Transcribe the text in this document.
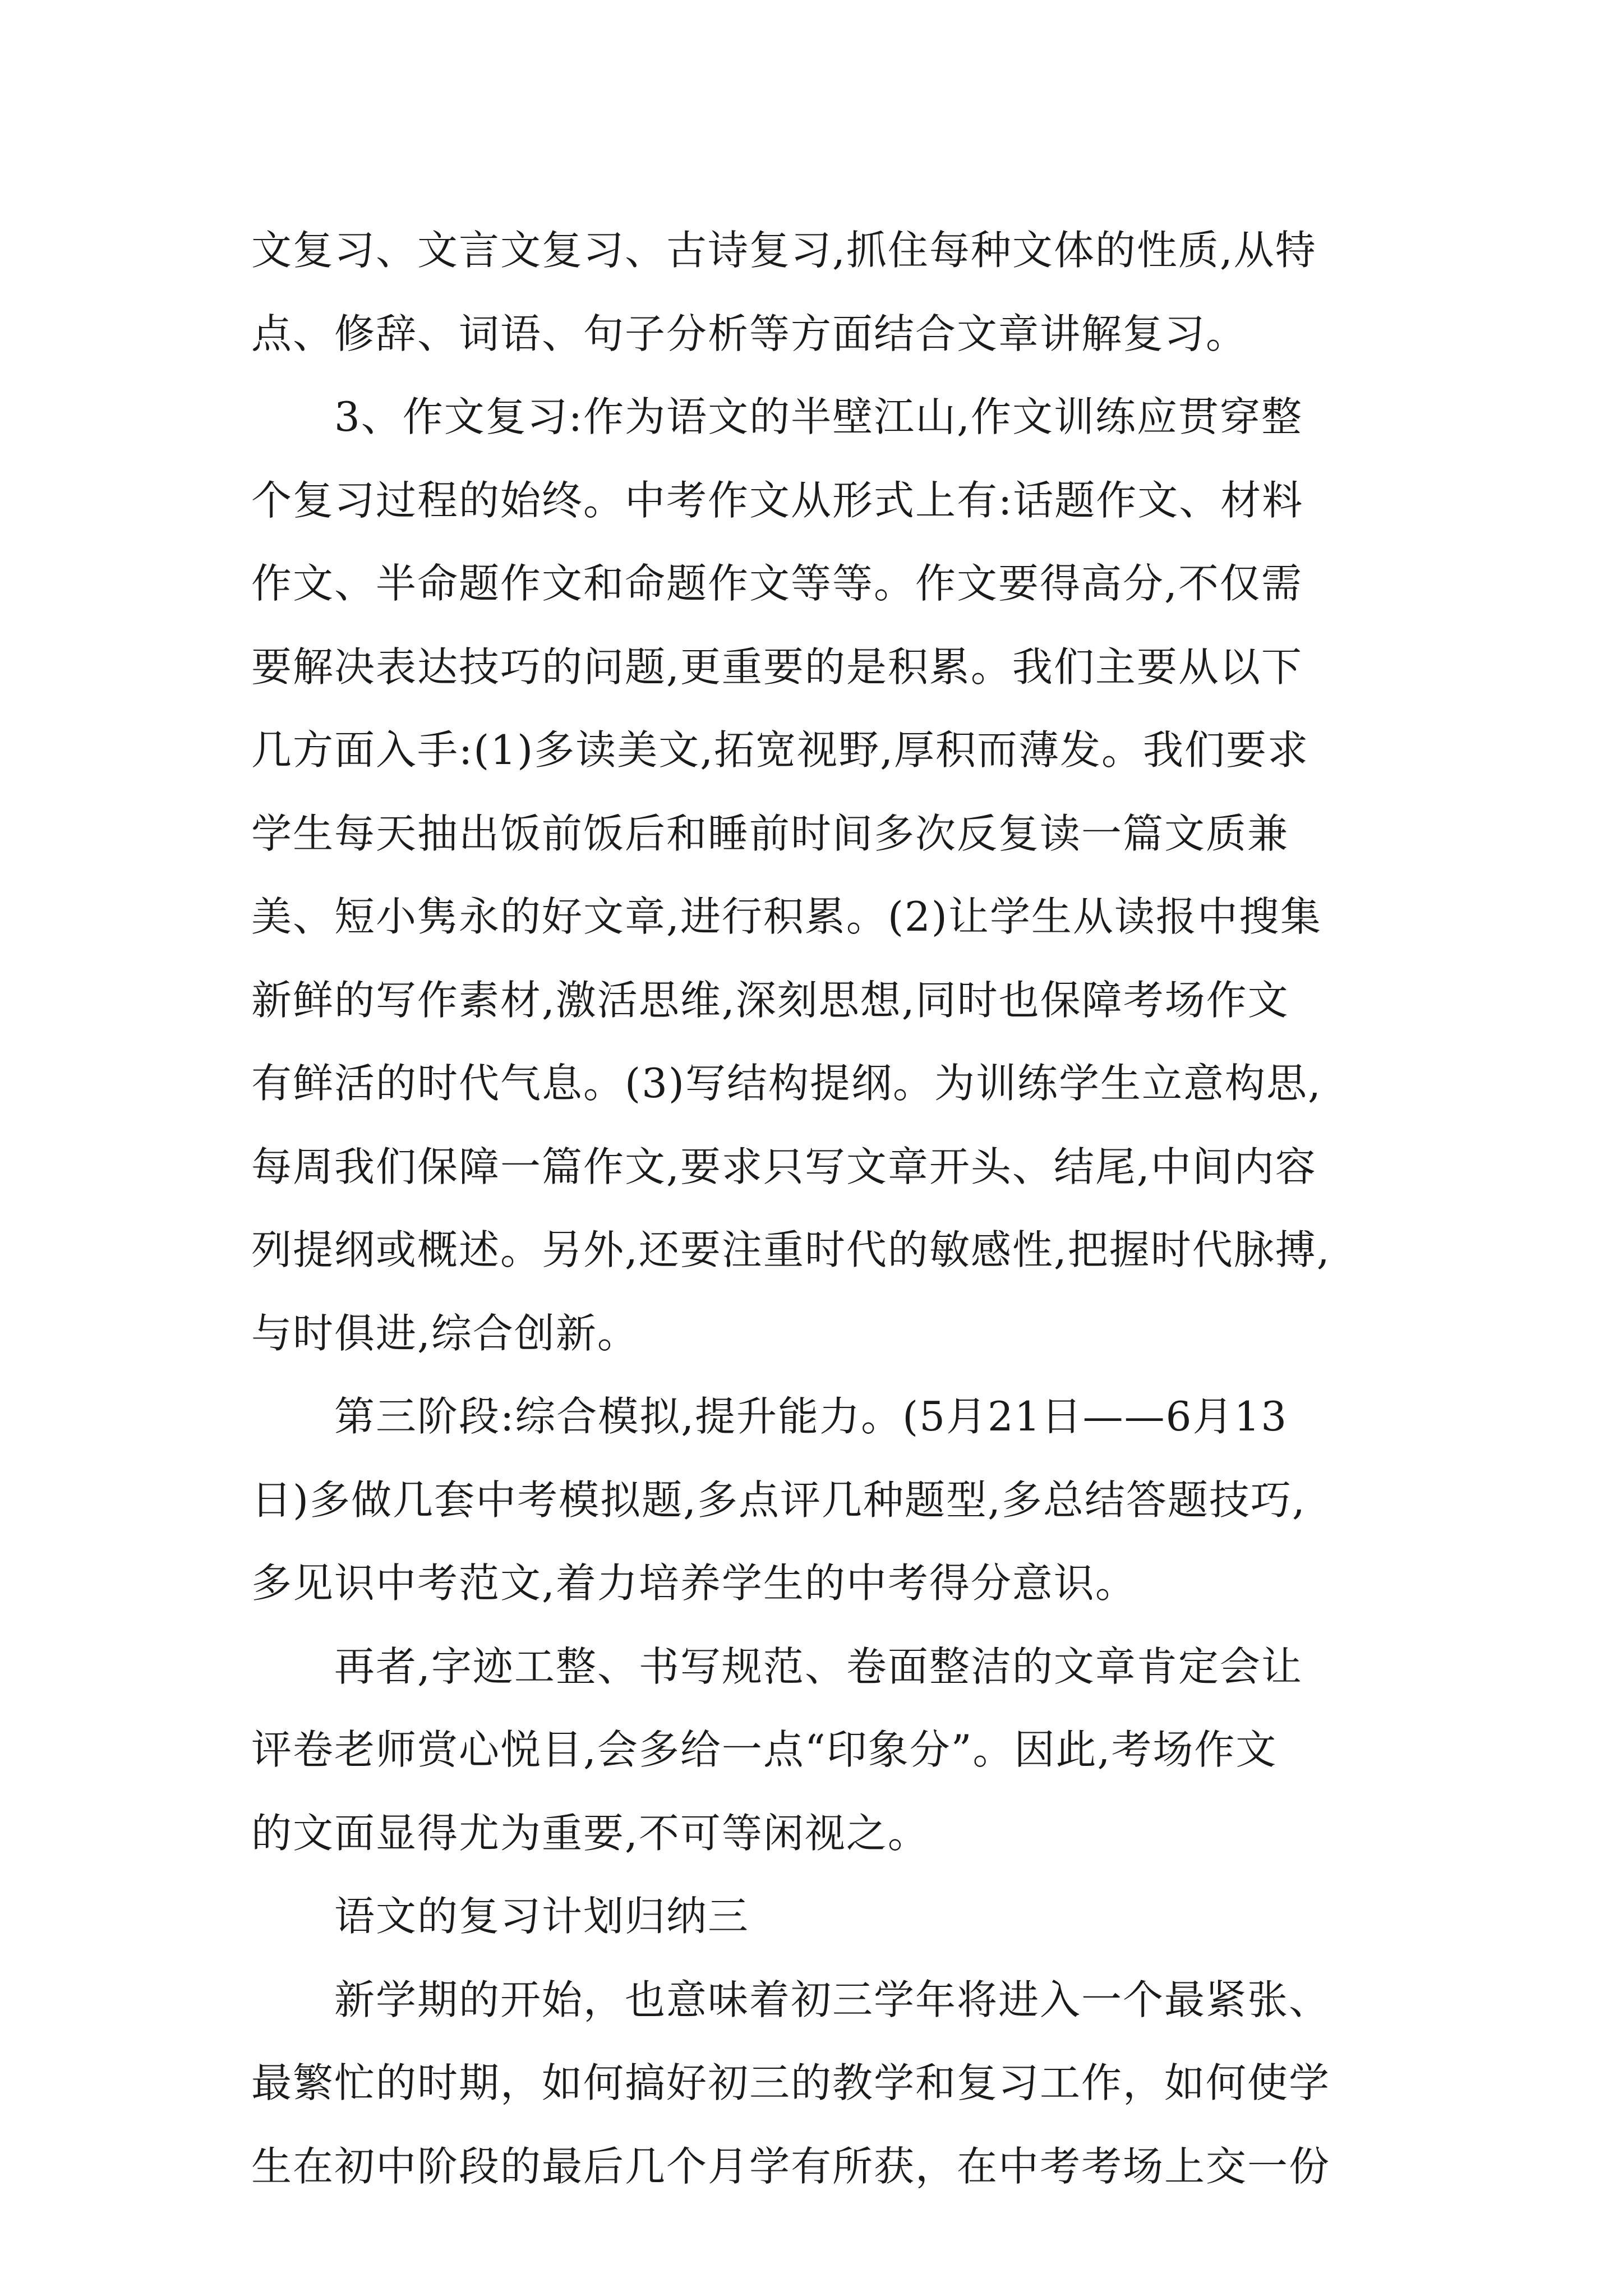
文复习、文言文复习、古诗复习,抓住每种文体的性质,从特
点、修辞、词语、句子分析等方面结合文章讲解复习。
3、作文复习:作为语文的半壁江山,作文训练应贯穿整
个复习过程的始终。中考作文从形式上有:话题作文、材料
作文、半命题作文和命题作文等等。作文要得高分,不仅需
要解决表达技巧的问题,更重要的是积累。我们主要从以下
几方面入手:(1)多读美文,拓宽视野,厚积而薄发。我们要求
学生每天抽出饭前饭后和睡前时间多次反复读一篇文质兼
美、短小隽永的好文章,进行积累。(2)让学生从读报中搜集
新鲜的写作素材,激活思维,深刻思想,同时也保障考场作文
有鲜活的时代气息。(3)写结构提纲。为训练学生立意构思,
每周我们保障一篇作文,要求只写文章开头、结尾,中间内容
列提纲或概述。另外,还要注重时代的敏感性,把握时代脉搏,
与时俱进,综合创新。
第三阶段:综合模拟,提升能力。(5月21日——6月13
日)多做几套中考模拟题,多点评几种题型,多总结答题技巧,
多见识中考范文,着力培养学生的中考得分意识。
再者,字迹工整、书写规范、卷面整洁的文章肯定会让
评卷老师赏心悦目,会多给一点“印象分”。因此,考场作文
的文面显得尤为重要,不可等闲视之。
语文的复习计划归纳三
新学期的开始，也意味着初三学年将进入一个最紧张、
最繁忙的时期，如何搞好初三的教学和复习工作，如何使学
生在初中阶段的最后几个月学有所获，在中考考场上交一份
